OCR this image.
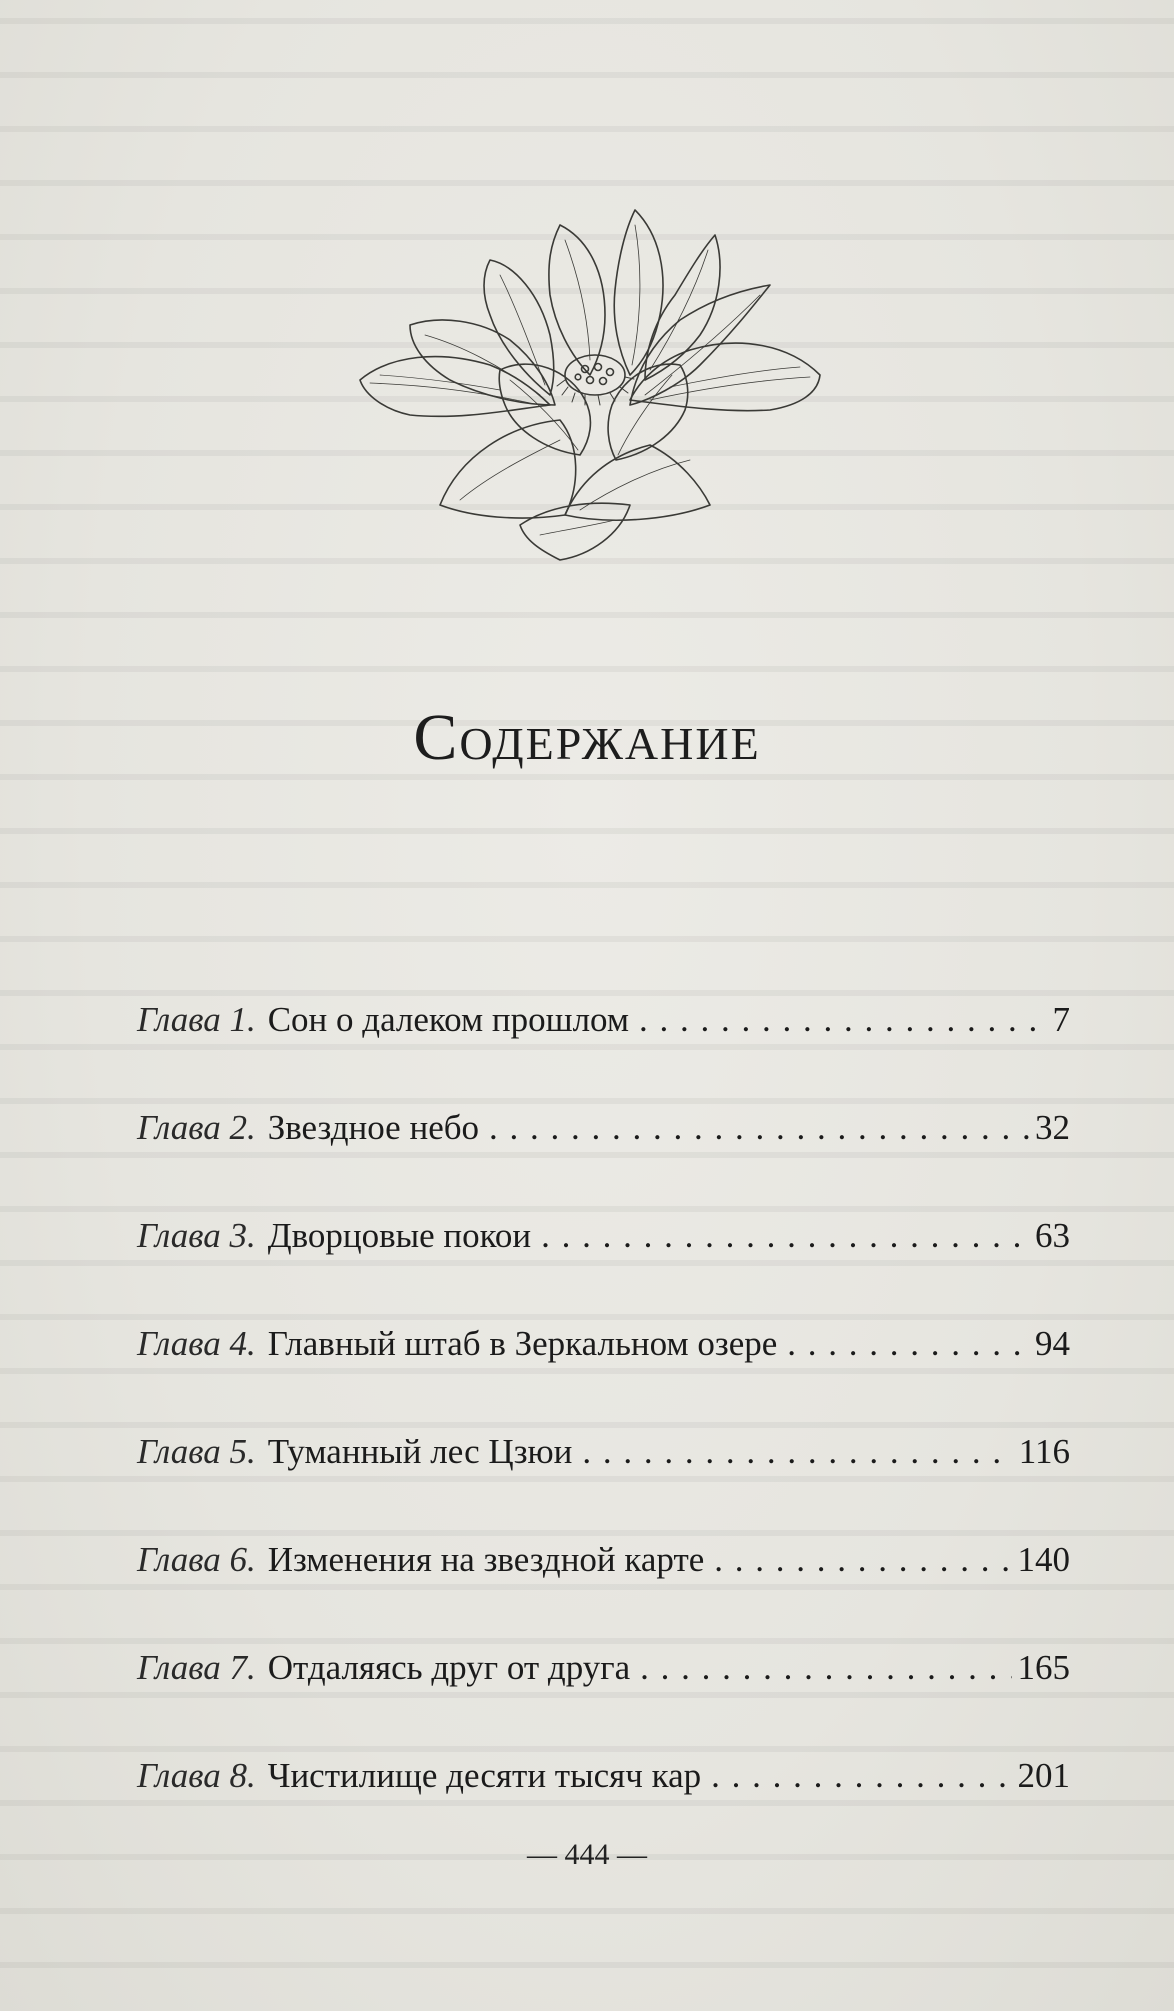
Содержание
Глава 1. Сон о далеком прошлом . . .	7
Глава 2. Звездное небо . . .	32
Глава 3. Дворцовые покои . . .	63
Глава 4. Главный штаб в Зеркальном озере . . .	94
Глава 5. Туманный лес Цзюи . . .	116
Глава 6. Изменения на звездной карте . . .	140
Глава 7. Отдаляясь друг от друга . . .	165
Глава 8. Чистилище десяти тысяч кар . . .	201
— 444 —
